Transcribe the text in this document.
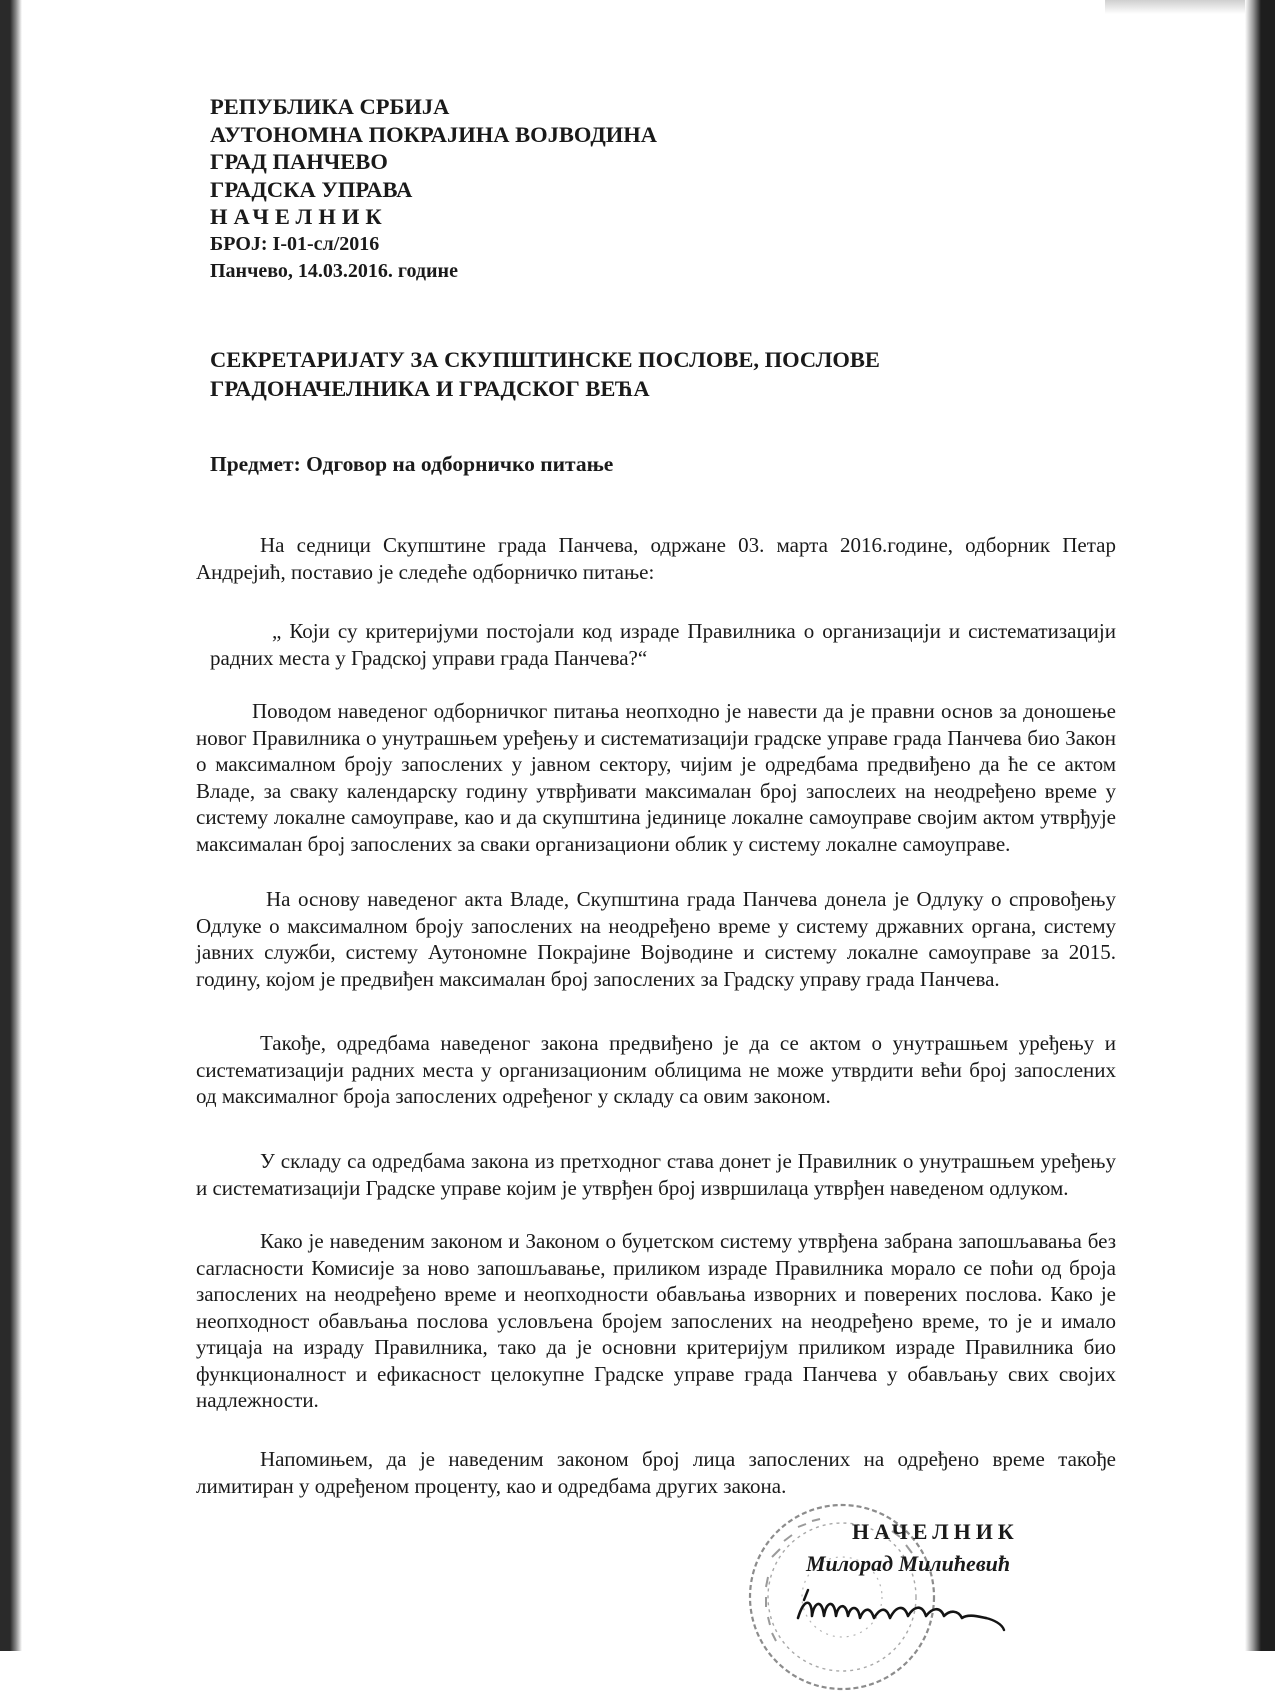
РЕПУБЛИКА СРБИЈА
АУТОНОМНА ПОКРАЈИНА ВОЈВОДИНА
ГРАД ПАНЧЕВО
ГРАДСКА УПРАВА
НАЧЕЛНИК
БРОЈ: I-01-сл/2016
Панчево, 14.03.2016. године
СЕКРЕТАРИЈАТУ ЗА СКУПШТИНСКЕ ПОСЛОВЕ, ПОСЛОВЕ
ГРАДОНАЧЕЛНИКА И ГРАДСКОГ ВЕЋА
Предмет: Одговор на одборничко питање
На седници Скупштине града Панчева, одржане 03. марта 2016.године, одборник Петар Андрејић, поставио је следеће одборничко питање:
„ Који су критеријуми постојали код израде Правилника о организацији и систематизацији радних места у Градској управи града Панчева?“
Поводом наведеног одборничког питања неопходно је навести да је правни основ за доношење новог Правилника о унутрашњем уређењу и систематизацији градске управе града Панчева био Закон о максималном броју запослених у јавном сектору, чијим је одредбама предвиђено да ће се актом Владе, за сваку календарску годину утврђивати максималан број запослеих на неодређено време у систему локалне самоуправе, као и да скупштина јединице локалне самоуправе својим актом утврђује максималан број запослених за сваки организациони облик у систему локалне самоуправе.
На основу наведеног акта Владе, Скупштина града Панчева донела је Одлуку о спровођењу Одлуке о максималном броју запослених на неодређено време у систему државних органа, систему јавних служби, систему Аутономне Покрајине Војводине и систему локалне самоуправе за 2015. годину, којом је предвиђен максималан број запослених за Градску управу града Панчева.
Такође, одредбама наведеног закона предвиђено је да се актом о унутрашњем уређењу и систематизацији радних места у организационим облицима не може утврдити већи број запослених од максималног броја запослених одређеног у складу са овим законом.
У складу са одредбама закона из претходног става донет је Правилник о унутрашњем уређењу и систематизацији Градске управе којим је утврђен број извршилаца утврђен наведеном одлуком.
Како је наведеним законом и Законом о буџетском систему утврђена забрана запошљавања без сагласности Комисије за ново запошљавање, приликом израде Правилника морало се поћи од броја запослених на неодређено време и неопходности обављања изворних и поверених послова. Како је неопходност обављања послова условљена бројем запослених на неодређено време, то је и имало утицаја на израду Правилника, тако да је основни критеријум приликом израде Правилника био функционалност и ефикасност целокупне Градске управе града Панчева у обављању свих својих надлежности.
Напомињем, да је наведеним законом број лица запослених на одређено време такође лимитиран у одређеном проценту, као и одредбама других закона.
НАЧЕЛНИК
Милорад Милићевић
